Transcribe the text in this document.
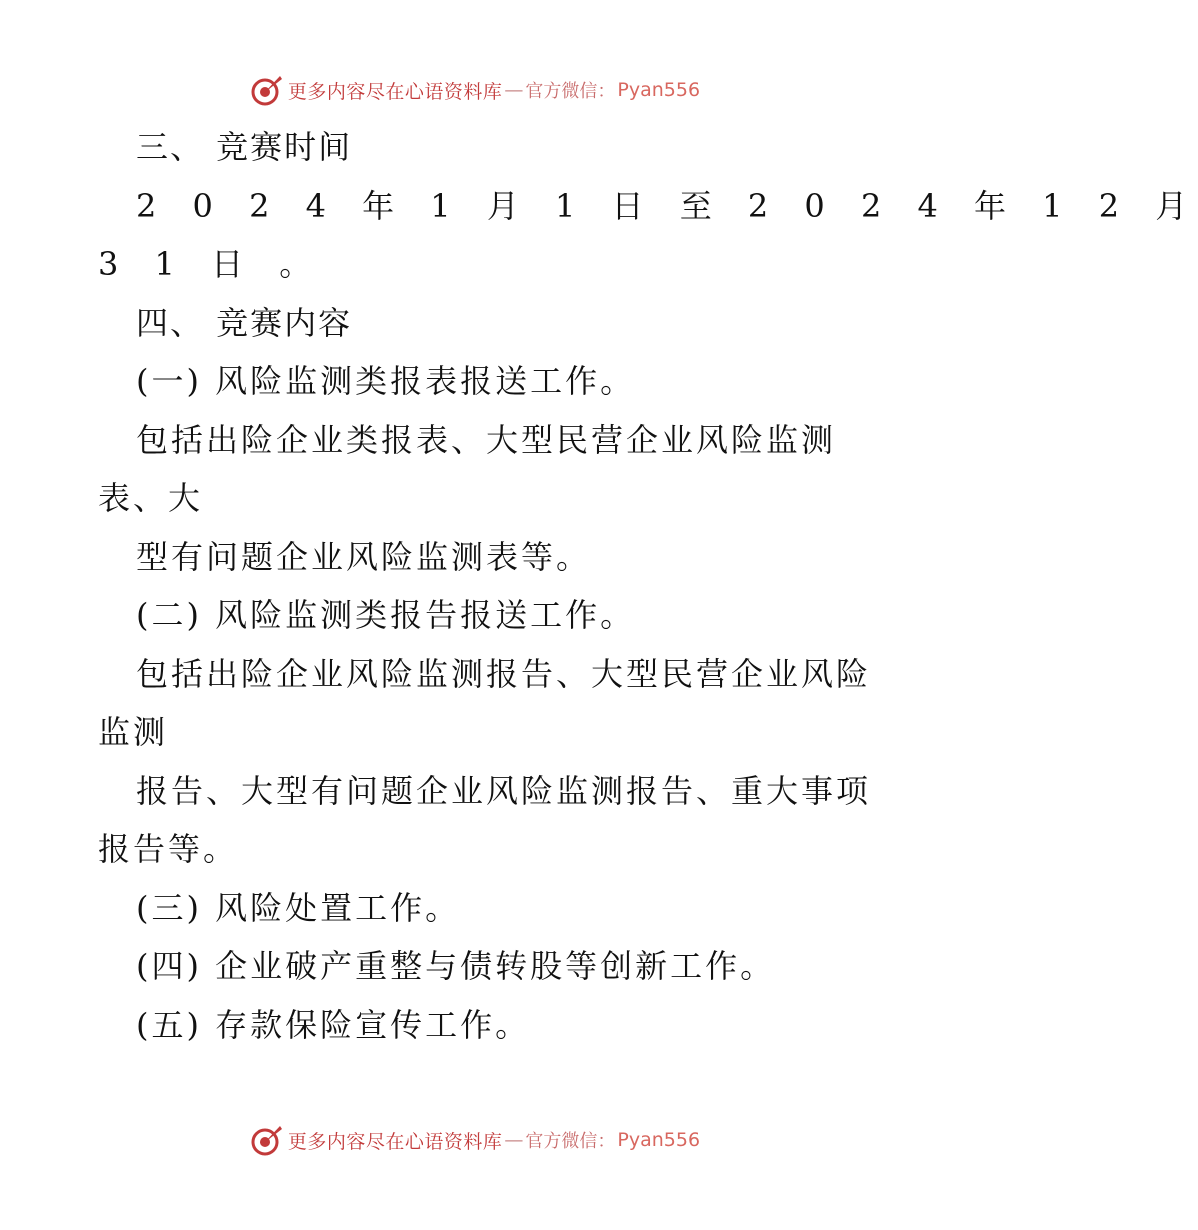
更多内容尽在心语资料库 — 官方微信： Pyan556
三、 竞赛时间
2 0 2 4 年 1 月 1 日 至 2 0 2 4 年 1 2 月
3 1 日 。
四、 竞赛内容
(一) 风险监测类报表报送工作。
包括出险企业类报表、大型民营企业风险监测
表、大
型有问题企业风险监测表等。
(二) 风险监测类报告报送工作。
包括出险企业风险监测报告、大型民营企业风险
监测
报告、大型有问题企业风险监测报告、重大事项
报告等。
(三) 风险处置工作。
(四) 企业破产重整与债转股等创新工作。
(五) 存款保险宣传工作。
更多内容尽在心语资料库 — 官方微信： Pyan556
